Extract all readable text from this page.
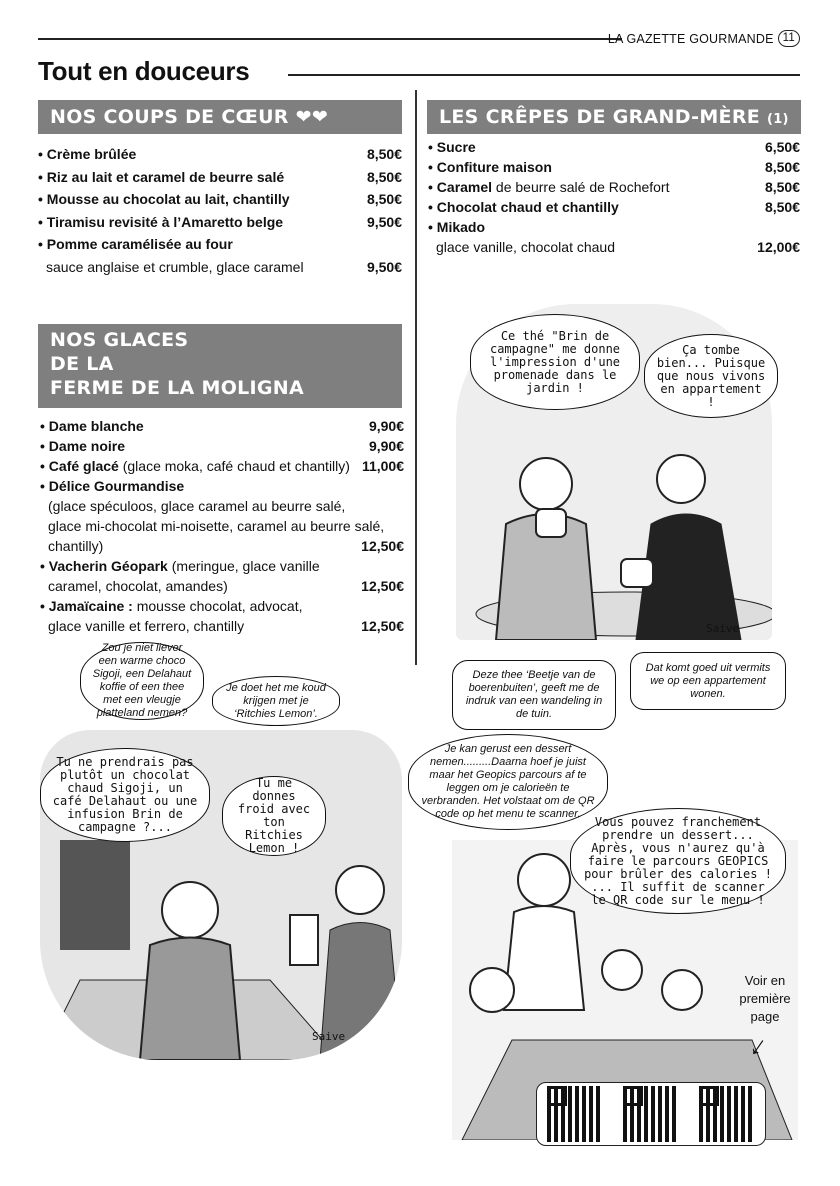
LA GAZETTE GOURMANDE 11
Tout en douceurs
NOS COUPS DE CŒUR ❤❤
• Crème brûlée	8,50€
• Riz au lait et caramel de beurre salé	8,50€
• Mousse au chocolat au lait, chantilly	8,50€
• Tiramisu revisité à l’Amaretto belge	9,50€
• Pomme caramélisée au four
sauce anglaise et crumble, glace caramel	9,50€
NOS GLACES
DE LA
FERME DE LA MOLIGNA
• Dame blanche	9,90€
• Dame noire	9,90€
• Café glacé (glace moka, café chaud et chantilly) 11,00€
• Délice Gourmandise
(glace spéculoos, glace caramel au beurre salé,
glace mi-chocolat mi-noisette, caramel au beurre salé,
chantilly)	12,50€
• Vacherin Géopark (meringue, glace vanille
caramel, chocolat, amandes)	12,50€
• Jamaïcaine : mousse chocolat, advocat,
glace vanille et ferrero, chantilly	12,50€
LES CRÊPES DE GRAND-MÈRE (1)
• Sucre	6,50€
• Confiture maison	8,50€
• Caramel de beurre salé de Rochefort	8,50€
• Chocolat chaud et chantilly	8,50€
• Mikado
glace vanille, chocolat chaud	12,00€
Ce thé "Brin de campagne" me donne l'impression d'une promenade dans le jardin !
Ça tombe bien... Puisque que nous vivons en appartement !
Saive
Deze thee ‘Beetje van de boerenbuiten’, geeft me de indruk van een wandeling in de tuin.
Dat komt goed uit vermits we op een appartement wonen.
Zou je niet liever een warme choco Sigoji, een Delahaut koffie of een thee met een vleugje platteland nemen?
Je doet het me koud krijgen met je ‘Ritchies Lemon’.
Tu ne prendrais pas plutôt un chocolat chaud Sigoji, un café Delahaut ou une infusion Brin de campagne ?...
Tu me donnes froid avec ton Ritchies Lemon !
Saive
Je kan gerust een dessert nemen.........Daarna hoef je juist maar het Geopics parcours af te leggen om je calorieën te verbranden. Het volstaat om de QR code op het menu te scanner.
Vous pouvez franchement prendre un dessert... Après, vous n'aurez qu'à faire le parcours GEOPICS pour brûler des calories ! ... Il suffit de scanner le QR code sur le menu !
Voir en première page
↓
